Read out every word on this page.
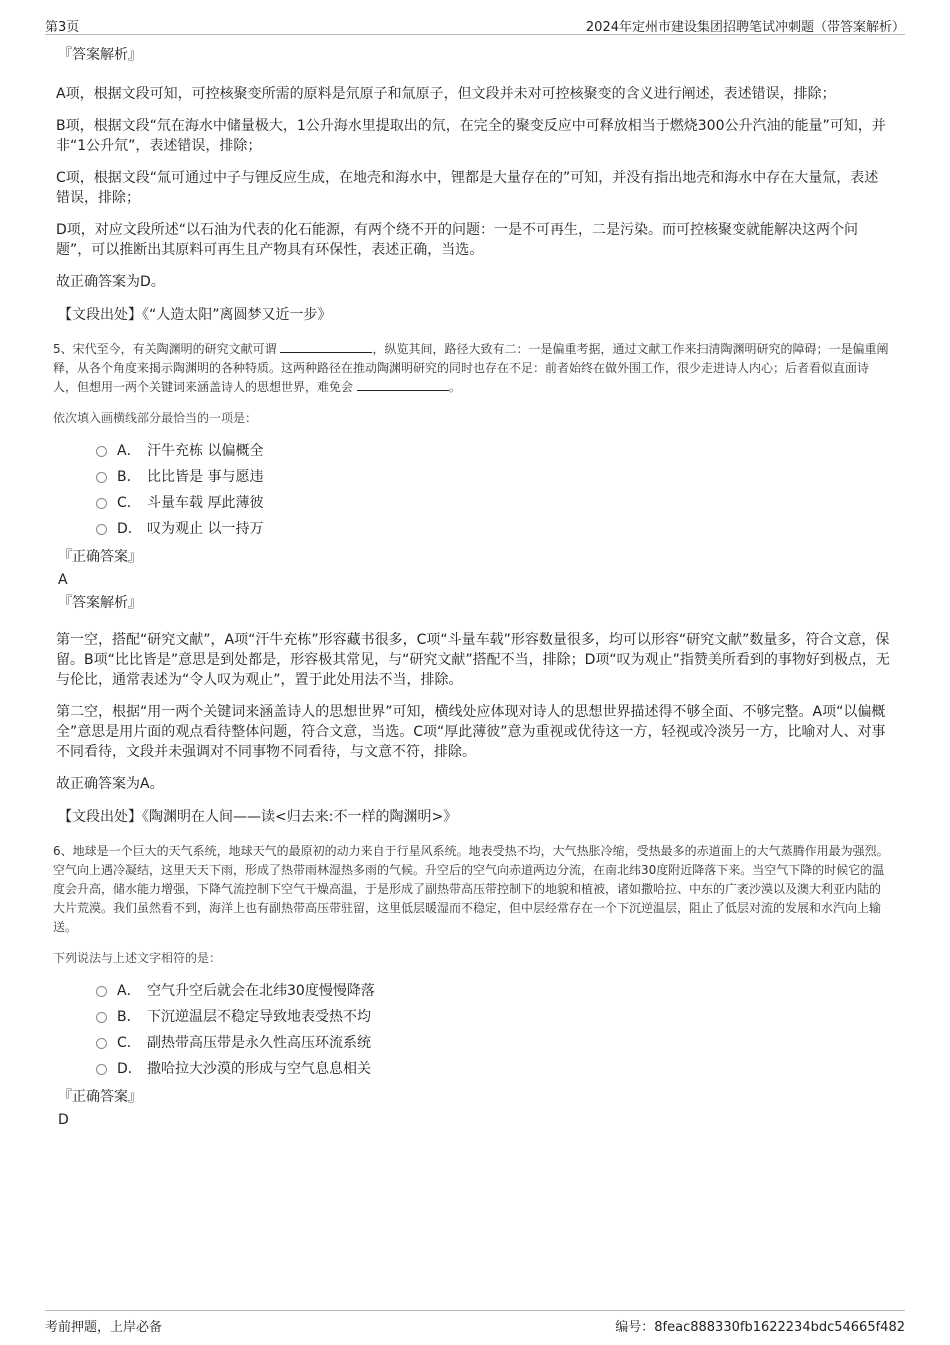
第3页	2024年定州市建设集团招聘笔试冲刺题（带答案解析）
『答案解析』

A项，根据文段可知，可控核聚变所需的原料是氘原子和氚原子，但文段并未对可控核聚变的含义进行阐述，表述错误，排除；

B项，根据文段“氘在海水中储量极大，1公升海水里提取出的氘，在完全的聚变反应中可释放相当于燃烧300公升汽油的能量”可知，并非“1公升氘”，表述错误，排除；

C项，根据文段“氚可通过中子与锂反应生成，在地壳和海水中，锂都是大量存在的”可知，并没有指出地壳和海水中存在大量氚，表述错误，排除；

D项，对应文段所述“以石油为代表的化石能源，有两个绕不开的问题：一是不可再生，二是污染。而可控核聚变就能解决这两个问题”，可以推断出其原料可再生且产物具有环保性，表述正确，当选。

故正确答案为D。

【文段出处】《“人造太阳”离圆梦又近一步》

5、宋代至今，有关陶渊明的研究文献可谓	，纵览其间，路径大致有二：一是偏重考据，通过文献工作来扫清陶渊明研究的障碍；一是偏重阐释，从各个角度来揭示陶渊明的各种特质。这两种路径在推动陶渊明研究的同时也存在不足：前者始终在做外围工作，很少走进诗人内心；后者看似直面诗人，但想用一两个关键词来涵盖诗人的思想世界，难免会	。

依次填入画横线部分最恰当的一项是：

A． 汗牛充栋 以偏概全
B． 比比皆是 事与愿违
C． 斗量车载 厚此薄彼
D． 叹为观止 以一持万
『正确答案』
A
『答案解析』

第一空，搭配“研究文献”，A项“汗牛充栋”形容藏书很多，C项“斗量车载”形容数量很多，均可以形容“研究文献”数量多，符合文意，保留。B项“比比皆是”意思是到处都是，形容极其常见，与“研究文献”搭配不当，排除；D项“叹为观止”指赞美所看到的事物好到极点，无与伦比，通常表述为“令人叹为观止”，置于此处用法不当，排除。

第二空，根据“用一两个关键词来涵盖诗人的思想世界”可知，横线处应体现对诗人的思想世界描述得不够全面、不够完整。A项“以偏概全”意思是用片面的观点看待整体问题，符合文意，当选。C项“厚此薄彼”意为重视或优待这一方，轻视或冷淡另一方，比喻对人、对事不同看待，文段并未强调对不同事物不同看待，与文意不符，排除。

故正确答案为A。

【文段出处】《陶渊明在人间——读<归去来:不一样的陶渊明>》

6、地球是一个巨大的天气系统，地球天气的最原初的动力来自于行星风系统。地表受热不均，大气热胀冷缩，受热最多的赤道面上的大气蒸腾作用最为强烈。空气向上遇冷凝结，这里天天下雨，形成了热带雨林湿热多雨的气候。升空后的空气向赤道两边分流，在南北纬30度附近降落下来。当空气下降的时候它的温度会升高，储水能力增强，下降气流控制下空气干燥高温，于是形成了副热带高压带控制下的地貌和植被，诸如撒哈拉、中东的广袤沙漠以及澳大利亚内陆的大片荒漠。我们虽然看不到，海洋上也有副热带高压带驻留，这里低层暖湿而不稳定，但中层经常存在一个下沉逆温层，阻止了低层对流的发展和水汽向上输送。

下列说法与上述文字相符的是：

A． 空气升空后就会在北纬30度慢慢降落
B． 下沉逆温层不稳定导致地表受热不均
C． 副热带高压带是永久性高压环流系统
D． 撒哈拉大沙漠的形成与空气息息相关
『正确答案』
D
考前押题，上岸必备	编号：8feac888330fb1622234bdc54665f482
